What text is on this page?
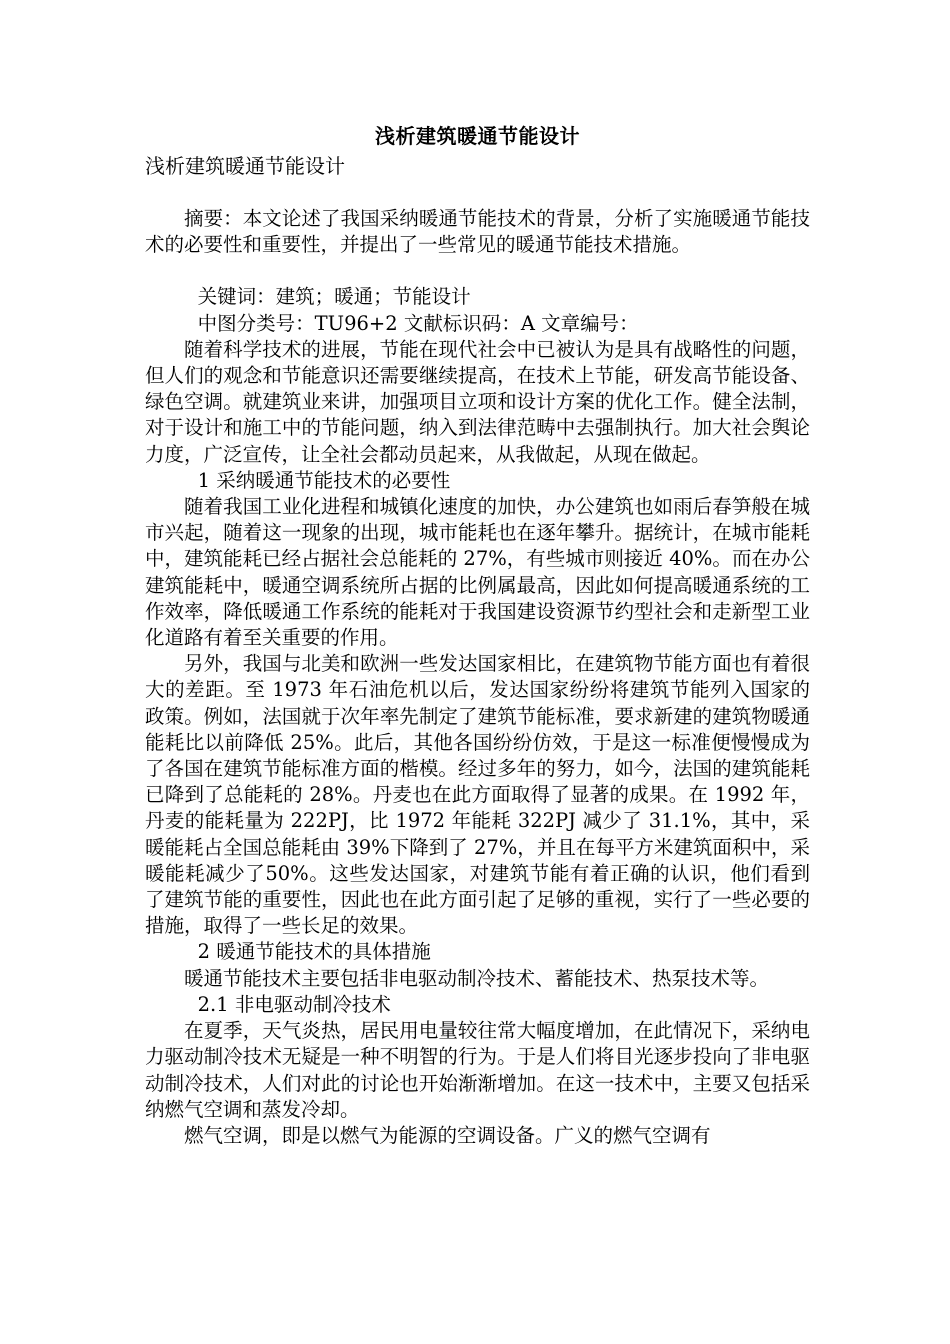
浅析建筑暖通节能设计

浅析建筑暖通节能设计

摘要：本文论述了我国采纳暖通节能技术的背景，分析了实施暖通节能技术的必要性和重要性，并提出了一些常见的暖通节能技术措施。

关键词：建筑；暖通；节能设计

中图分类号：TU96+2 文献标识码：A 文章编号：

随着科学技术的进展，节能在现代社会中已被认为是具有战略性的问题，但人们的观念和节能意识还需要继续提高，在技术上节能，研发高节能设备、绿色空调。就建筑业来讲，加强项目立项和设计方案的优化工作。健全法制，对于设计和施工中的节能问题，纳入到法律范畴中去强制执行。加大社会舆论力度，广泛宣传，让全社会都动员起来，从我做起，从现在做起。

1 采纳暖通节能技术的必要性

随着我国工业化进程和城镇化速度的加快，办公建筑也如雨后春笋般在城市兴起，随着这一现象的出现，城市能耗也在逐年攀升。据统计，在城市能耗中，建筑能耗已经占据社会总能耗的 27%，有些城市则接近 40%。而在办公建筑能耗中，暖通空调系统所占据的比例属最高，因此如何提高暖通系统的工作效率，降低暖通工作系统的能耗对于我国建设资源节约型社会和走新型工业化道路有着至关重要的作用。

另外，我国与北美和欧洲一些发达国家相比，在建筑物节能方面也有着很大的差距。至 1973 年石油危机以后，发达国家纷纷将建筑节能列入国家的政策。例如，法国就于次年率先制定了建筑节能标准，要求新建的建筑物暖通能耗比以前降低 25%。此后，其他各国纷纷仿效，于是这一标准便慢慢成为了各国在建筑节能标准方面的楷模。经过多年的努力，如今，法国的建筑能耗已降到了总能耗的 28%。丹麦也在此方面取得了显著的成果。在 1992 年，丹麦的能耗量为 222PJ，比 1972 年能耗 322PJ 减少了 31.1%，其中，采暖能耗占全国总能耗由 39%下降到了 27%，并且在每平方米建筑面积中，采暖能耗减少了50%。这些发达国家，对建筑节能有着正确的认识，他们看到了建筑节能的重要性，因此也在此方面引起了足够的重视，实行了一些必要的措施，取得了一些长足的效果。

2 暖通节能技术的具体措施

暖通节能技术主要包括非电驱动制冷技术、蓄能技术、热泵技术等。

2.1 非电驱动制冷技术

在夏季，天气炎热，居民用电量较往常大幅度增加，在此情况下，采纳电力驱动制冷技术无疑是一种不明智的行为。于是人们将目光逐步投向了非电驱动制冷技术，人们对此的讨论也开始渐渐增加。在这一技术中，主要又包括采纳燃气空调和蒸发冷却。

燃气空调，即是以燃气为能源的空调设备。广义的燃气空调有
